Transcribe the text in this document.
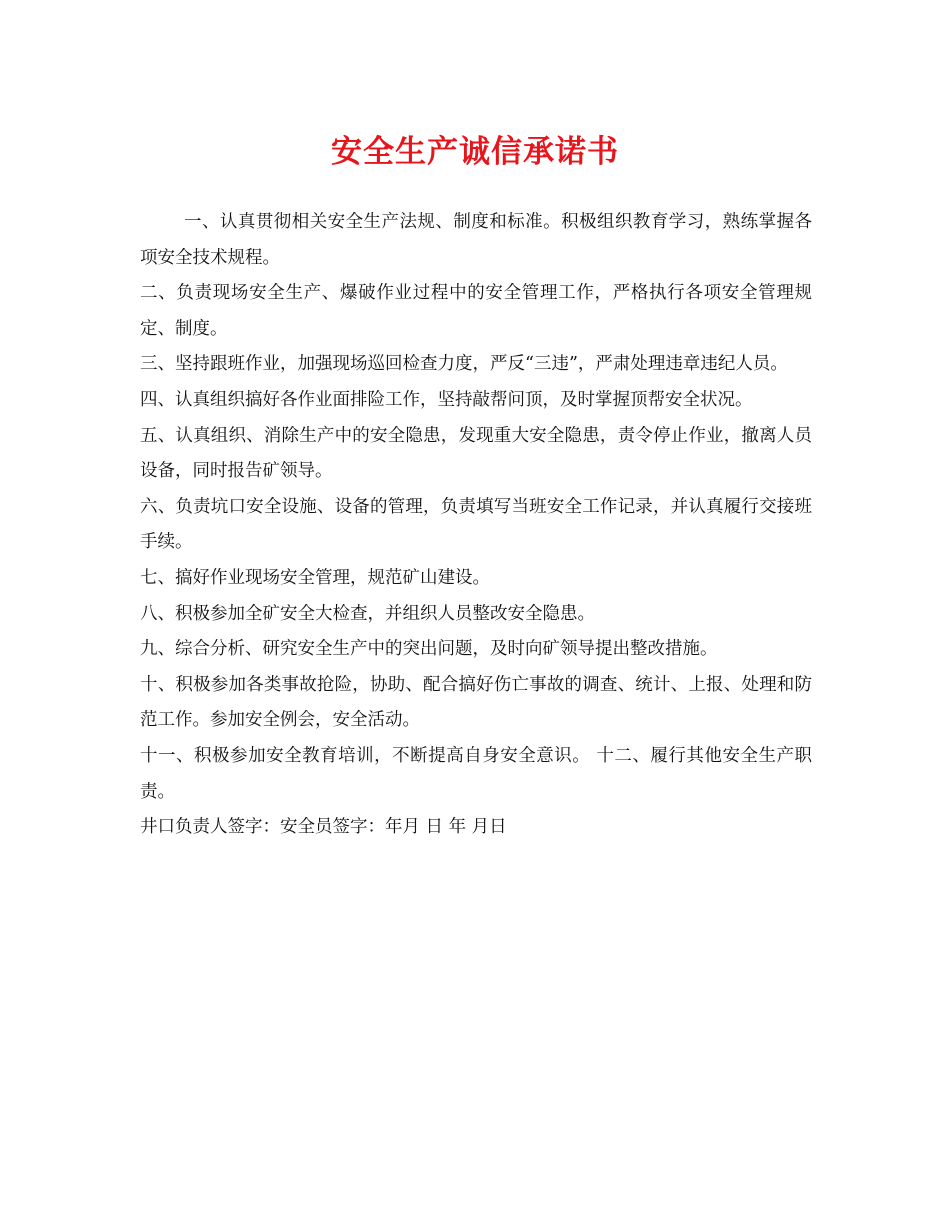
安全生产诚信承诺书

一、认真贯彻相关安全生产法规、制度和标准。积极组织教育学习，熟练掌握各项安全技术规程。

二、负责现场安全生产、爆破作业过程中的安全管理工作，严格执行各项安全管理规定、制度。

三、坚持跟班作业，加强现场巡回检查力度，严反“三违”，严肃处理违章违纪人员。

四、认真组织搞好各作业面排险工作，坚持敲帮问顶，及时掌握顶帮安全状况。

五、认真组织、消除生产中的安全隐患，发现重大安全隐患，责令停止作业，撤离人员设备，同时报告矿领导。

六、负责坑口安全设施、设备的管理，负责填写当班安全工作记录，并认真履行交接班手续。

七、搞好作业现场安全管理，规范矿山建设。

八、积极参加全矿安全大检查，并组织人员整改安全隐患。

九、综合分析、研究安全生产中的突出问题，及时向矿领导提出整改措施。

十、积极参加各类事故抢险，协助、配合搞好伤亡事故的调查、统计、上报、处理和防范工作。参加安全例会，安全活动。

十一、积极参加安全教育培训，不断提高自身安全意识。 十二、履行其他安全生产职责。

井口负责人签字：安全员签字：年月 日 年 月日
